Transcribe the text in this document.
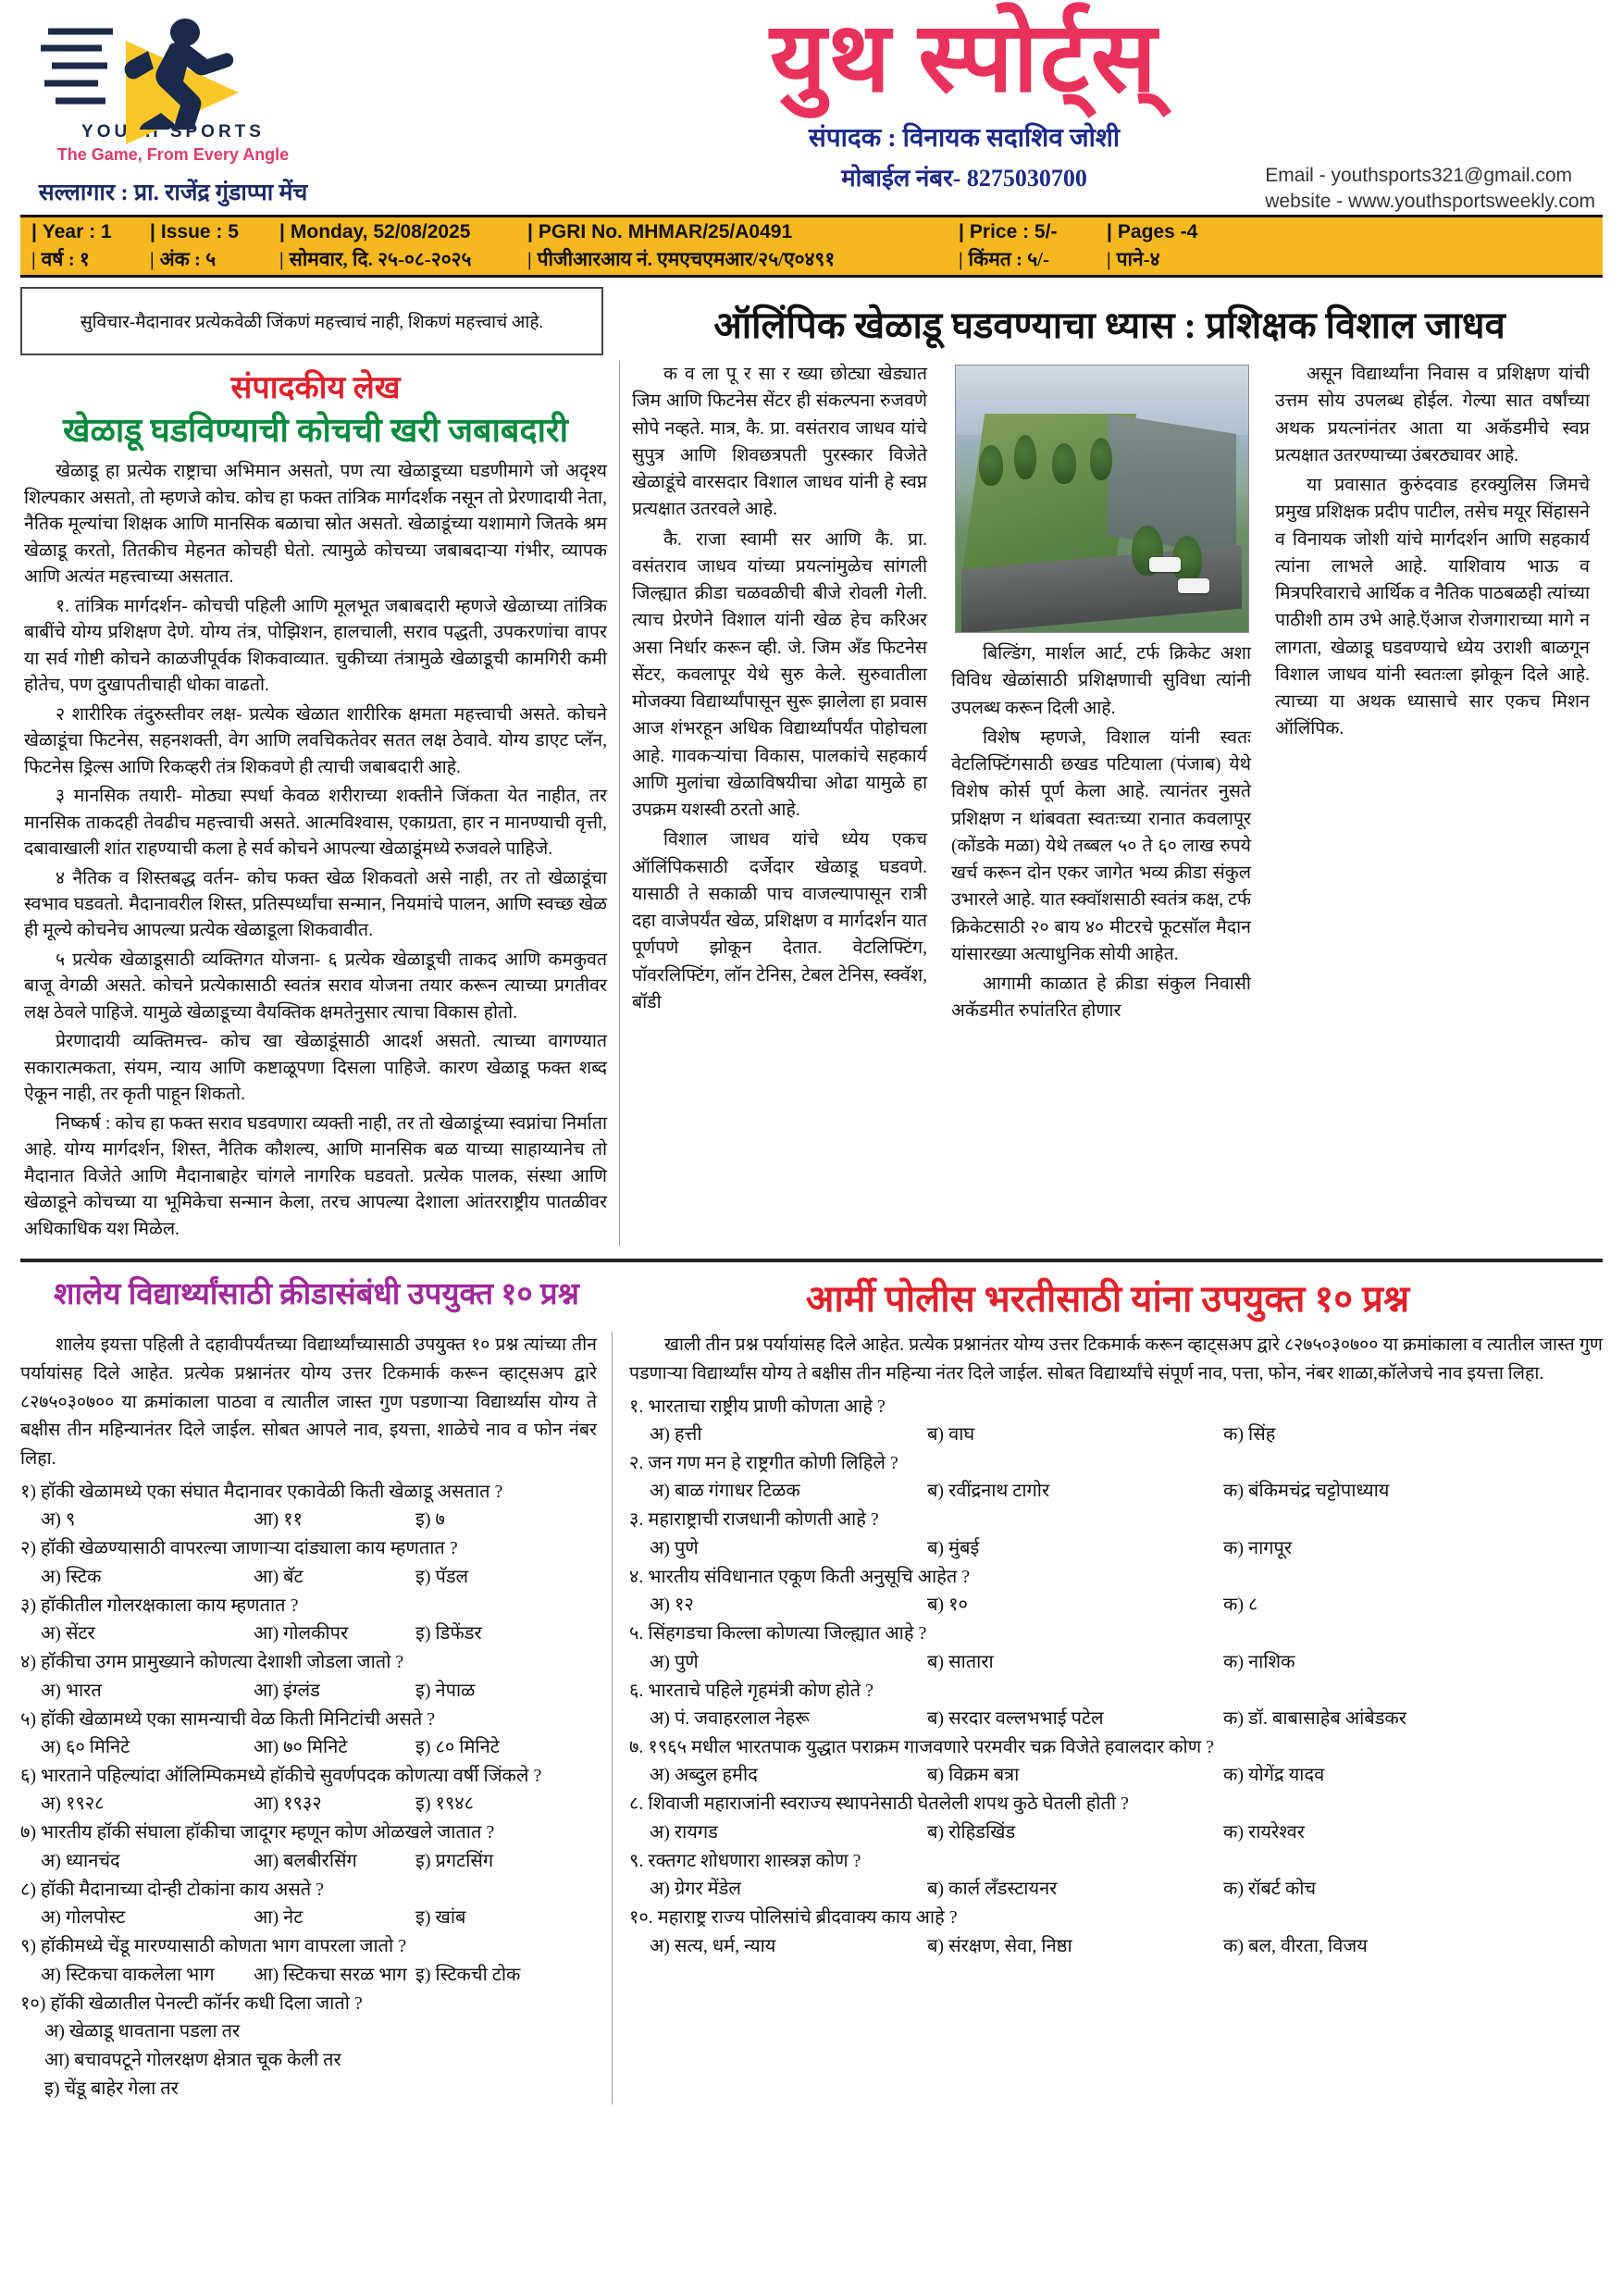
YOUTH SPORTS
The Game, From Every Angle
सल्लागार : प्रा. राजेंद्र गुंडाप्पा मेंच
युथ स्पोर्ट्स्
संपादक : विनायक सदाशिव जोशी
मोबाईल नंबर- 8275030700	Email - youthsports321@gmail.com
website - www.youthsportsweekly.com
| Year : 1
| वर्ष : १
| Issue : 5
| अंक : ५
| Monday, 52/08/2025
| सोमवार, दि. २५-०८-२०२५
| PGRI No. MHMAR/25/A0491
| पीजीआरआय नं. एमएचएमआर/२५/ए०४९१
| Price : 5/-
| किंमत : ५/-
| Pages -4
| पाने-४
सुविचार-मैदानावर प्रत्येकवेळी जिंकणं महत्त्वाचं नाही, शिकणं महत्त्वाचं आहे.	ऑलिंपिक खेळाडू घडवण्याचा ध्यास : प्रशिक्षक विशाल जाधव
संपादकीय लेख
खेळाडू घडविण्याची कोचची खरी जबाबदारी

खेळाडू हा प्रत्येक राष्ट्राचा अभिमान असतो, पण त्या खेळाडूच्या घडणीमागे जो अदृश्य शिल्पकार असतो, तो म्हणजे कोच. कोच हा फक्त तांत्रिक मार्गदर्शक नसून तो प्रेरणादायी नेता, नैतिक मूल्यांचा शिक्षक आणि मानसिक बळाचा स्रोत असतो. खेळाडूंच्या यशामागे जितके श्रम खेळाडू करतो, तितकीच मेहनत कोचही घेतो. त्यामुळे कोचच्या जबाबदाऱ्या गंभीर, व्यापक आणि अत्यंत महत्त्वाच्या असतात.

१. तांत्रिक मार्गदर्शन- कोचची पहिली आणि मूलभूत जबाबदारी म्हणजे खेळाच्या तांत्रिक बाबींचे योग्य प्रशिक्षण देणे. योग्य तंत्र, पोझिशन, हालचाली, सराव पद्धती, उपकरणांचा वापर या सर्व गोष्टी कोचने काळजीपूर्वक शिकवाव्यात. चुकीच्या तंत्रामुळे खेळाडूची कामगिरी कमी होतेच, पण दुखापतीचाही धोका वाढतो.

२ शारीरिक तंदुरुस्तीवर लक्ष- प्रत्येक खेळात शारीरिक क्षमता महत्त्वाची असते. कोचने खेळाडूंचा फिटनेस, सहनशक्ती, वेग आणि लवचिकतेवर सतत लक्ष ठेवावे. योग्य डाएट प्लॅन, फिटनेस ड्रिल्स आणि रिकव्हरी तंत्र शिकवणे ही त्याची जबाबदारी आहे.

३ मानसिक तयारी- मोठ्या स्पर्धा केवळ शरीराच्या शक्तीने जिंकता येत नाहीत, तर मानसिक ताकदही तेवढीच महत्त्वाची असते. आत्मविश्वास, एकाग्रता, हार न मानण्याची वृत्ती, दबावाखाली शांत राहण्याची कला हे सर्व कोचने आपल्या खेळाडूंमध्ये रुजवले पाहिजे.

४ नैतिक व शिस्तबद्ध वर्तन- कोच फक्त खेळ शिकवतो असे नाही, तर तो खेळाडूंचा स्वभाव घडवतो. मैदानावरील शिस्त, प्रतिस्पर्ध्यांचा सन्मान, नियमांचे पालन, आणि स्वच्छ खेळ ही मूल्ये कोचनेच आपल्या प्रत्येक खेळाडूला शिकवावीत.

५ प्रत्येक खेळाडूसाठी व्यक्तिगत योजना- ६ प्रत्येक खेळाडूची ताकद आणि कमकुवत बाजू वेगळी असते. कोचने प्रत्येकासाठी स्वतंत्र सराव योजना तयार करून त्याच्या प्रगतीवर लक्ष ठेवले पाहिजे. यामुळे खेळाडूच्या वैयक्तिक क्षमतेनुसार त्याचा विकास होतो.

प्रेरणादायी व्यक्तिमत्त्व- कोच खा खेळाडूंसाठी आदर्श असतो. त्याच्या वागण्यात सकारात्मकता, संयम, न्याय आणि कष्टाळूपणा दिसला पाहिजे. कारण खेळाडू फक्त शब्द ऐकून नाही, तर कृती पाहून शिकतो.

निष्कर्ष : कोच हा फक्त सराव घडवणारा व्यक्ती नाही, तर तो खेळाडूंच्या स्वप्नांचा निर्माता आहे. योग्य मार्गदर्शन, शिस्त, नैतिक कौशल्य, आणि मानसिक बळ याच्या साहाय्यानेच तो मैदानात विजेते आणि मैदानाबाहेर चांगले नागरिक घडवतो. प्रत्येक पालक, संस्था आणि खेळाडूने कोचच्या या भूमिकेचा सन्मान केला, तरच आपल्या देशाला आंतरराष्ट्रीय पातळीवर अधिकाधिक यश मिळेल.

क व ला पू र सा र ख्या छोट्या खेड्यात जिम आणि फिटनेस सेंटर ही संकल्पना रुजवणे सोपे नव्हते. मात्र, कै. प्रा. वसंतराव जाधव यांचे सुपुत्र आणि शिवछत्रपती पुरस्कार विजेते खेळाडूंचे वारसदार विशाल जाधव यांनी हे स्वप्न प्रत्यक्षात उतरवले आहे.

कै. राजा स्वामी सर आणि कै. प्रा. वसंतराव जाधव यांच्या प्रयत्नांमुळेच सांगली जिल्ह्यात क्रीडा चळवळीची बीजे रोवली गेली. त्याच प्रेरणेने विशाल यांनी खेळ हेच करिअर असा निर्धार करून व्ही. जे. जिम अँड फिटनेस सेंटर, कवलापूर येथे सुरु केले. सुरुवातीला मोजक्या विद्यार्थ्यांपासून सुरू झालेला हा प्रवास आज शंभरहून अधिक विद्यार्थ्यांपर्यंत पोहोचला आहे. गावकऱ्यांचा विकास, पालकांचे सहकार्य आणि मुलांचा खेळाविषयीचा ओढा यामुळे हा उपक्रम यशस्वी ठरतो आहे.

विशाल जाधव यांचे ध्येय एकच ऑलिंपिकसाठी दर्जेदार खेळाडू घडवणे. यासाठी ते सकाळी पाच वाजल्यापासून रात्री दहा वाजेपर्यंत खेळ, प्रशिक्षण व मार्गदर्शन यात पूर्णपणे झोकून देतात. वेटलिफ्टिंग, पॉवरलिफ्टिंग, लॉन टेनिस, टेबल टेनिस, स्क्वॅश, बॉडी

बिल्डिंग, मार्शल आर्ट, टर्फ क्रिकेट अशा विविध खेळांसाठी प्रशिक्षणाची सुविधा त्यांनी उपलब्ध करून दिली आहे.

विशेष म्हणजे, विशाल यांनी स्वतः वेटलिफ्टिंगसाठी छखड पटियाला (पंजाब) येथे विशेष कोर्स पूर्ण केला आहे. त्यानंतर नुसते प्रशिक्षण न थांबवता स्वतःच्या रानात कवलापूर (कोंडके मळा) येथे तब्बल ५० ते ६० लाख रुपये खर्च करून दोन एकर जागेत भव्य क्रीडा संकुल उभारले आहे. यात स्क्वॉशसाठी स्वतंत्र कक्ष, टर्फ क्रिकेटसाठी २० बाय ४० मीटरचे फूटसॉल मैदान यांसारख्या अत्याधुनिक सोयी आहेत.

आगामी काळात हे क्रीडा संकुल निवासी अकॅडमीत रुपांतरित होणार

असून विद्यार्थ्यांना निवास व प्रशिक्षण यांची उत्तम सोय उपलब्ध होईल. गेल्या सात वर्षांच्या अथक प्रयत्नांनंतर आता या अकॅडमीचे स्वप्न प्रत्यक्षात उतरण्याच्या उंबरठ्यावर आहे.

या प्रवासात कुरुंदवाड हरक्युलिस जिमचे प्रमुख प्रशिक्षक प्रदीप पाटील, तसेच मयूर सिंहासने व विनायक जोशी यांचे मार्गदर्शन आणि सहकार्य त्यांना लाभले आहे. याशिवाय भाऊ व मित्रपरिवाराचे आर्थिक व नैतिक पाठबळही त्यांच्या पाठीशी ठाम उभे आहे.ऍआज रोजगाराच्या मागे न लागता, खेळाडू घडवण्याचे ध्येय उराशी बाळगून विशाल जाधव यांनी स्वतःला झोकून दिले आहे. त्याच्या या अथक ध्यासाचे सार एकच मिशन ऑलिंपिक.

शालेय विद्यार्थ्यांसाठी क्रीडासंबंधी उपयुक्त १० प्रश्न	आर्मी पोलीस भरतीसाठी यांना उपयुक्त १० प्रश्न

शालेय इयत्ता पहिली ते दहावीपर्यंतच्या विद्यार्थ्यांच्यासाठी उपयुक्त १० प्रश्न त्यांच्या तीन पर्यायांसह दिले आहेत. प्रत्येक प्रश्नानंतर योग्य उत्तर टिकमार्क करून व्हाट्सअप द्वारे ८२७५०३०७०० या क्रमांकाला पाठवा व त्यातील जास्त गुण पडणाऱ्या विद्यार्थ्यास योग्य ते बक्षीस तीन महिन्यानंतर दिले जाईल. सोबत आपले नाव, इयत्ता, शाळेचे नाव व फोन नंबर लिहा.

१) हॉकी खेळामध्ये एका संघात मैदानावर एकावेळी किती खेळाडू असतात ?
अ) ९	आ) ११	इ) ७
२) हॉकी खेळण्यासाठी वापरल्या जाणाऱ्या दांड्याला काय म्हणतात ?
अ) स्टिक	आ) बॅट	इ) पॅडल
३) हॉकीतील गोलरक्षकाला काय म्हणतात ?
अ) सेंटर	आ) गोलकीपर	इ) डिफेंडर
४) हॉकीचा उगम प्रामुख्याने कोणत्या देशाशी जोडला जातो ?
अ) भारत	आ) इंग्लंड	इ) नेपाळ
५) हॉकी खेळामध्ये एका सामन्याची वेळ किती मिनिटांची असते ?
अ) ६० मिनिटे	आ) ७० मिनिटे	इ) ८० मिनिटे
६) भारताने पहिल्यांदा ऑलिम्पिकमध्ये हॉकीचे सुवर्णपदक कोणत्या वर्षी जिंकले ?
अ) १९२८	आ) १९३२	इ) १९४८
७) भारतीय हॉकी संघाला हॉकीचा जादूगर म्हणून कोण ओळखले जातात ?
अ) ध्यानचंद	आ) बलबीरसिंग	इ) प्रगटसिंग
८) हॉकी मैदानाच्या दोन्ही टोकांना काय असते ?
अ) गोलपोस्ट	आ) नेट	इ) खांब
९) हॉकीमध्ये चेंडू मारण्यासाठी कोणता भाग वापरला जातो ?
अ) स्टिकचा वाकलेला भाग	आ) स्टिकचा सरळ भाग इ) स्टिकची टोक
१०) हॉकी खेळातील पेनल्टी कॉर्नर कधी दिला जातो ?
अ) खेळाडू धावताना पडला तर
आ) बचावपटूने गोलरक्षण क्षेत्रात चूक केली तर
इ) चेंडू बाहेर गेला तर

खाली तीन प्रश्न पर्यायांसह दिले आहेत. प्रत्येक प्रश्नानंतर योग्य उत्तर टिकमार्क करून व्हाट्सअप द्वारे ८२७५०३०७०० या क्रमांकाला व त्यातील जास्त गुण पडणाऱ्या विद्यार्थ्यांस योग्य ते बक्षीस तीन महिन्या नंतर दिले जाईल. सोबत विद्यार्थ्यांचे संपूर्ण नाव, पत्ता, फोन, नंबर शाळा,कॉलेजचे नाव इयत्ता लिहा.

१. भारताचा राष्ट्रीय प्राणी कोणता आहे ?
अ) हत्ती	ब) वाघ	क) सिंह
२. जन गण मन हे राष्ट्रगीत कोणी लिहिले ?
अ) बाळ गंगाधर टिळक	ब) रवींद्रनाथ टागोर	क) बंकिमचंद्र चट्टोपाध्याय
३. महाराष्ट्राची राजधानी कोणती आहे ?
अ) पुणे	ब) मुंबई	क) नागपूर
४. भारतीय संविधानात एकूण किती अनुसूचि आहेत ?
अ) १२	ब) १०	क) ८
५. सिंहगडचा किल्ला कोणत्या जिल्ह्यात आहे ?
अ) पुणे	ब) सातारा	क) नाशिक
६. भारताचे पहिले गृहमंत्री कोण होते ?
अ) पं. जवाहरलाल नेहरू	ब) सरदार वल्लभभाई पटेल	क) डॉ. बाबासाहेब आंबेडकर
७. १९६५ मधील भारतपाक युद्धात पराक्रम गाजवणारे परमवीर चक्र विजेते हवालदार कोण ?
अ) अब्दुल हमीद	ब) विक्रम बत्रा	क) योगेंद्र यादव
८. शिवाजी महाराजांनी स्वराज्य स्थापनेसाठी घेतलेली शपथ कुठे घेतली होती ?
अ) रायगड	ब) रोहिडखिंड	क) रायरेश्वर
९. रक्तगट शोधणारा शास्त्रज्ञ कोण ?
अ) ग्रेगर मेंडेल	ब) कार्ल लँडस्टायनर	क) रॉबर्ट कोच
१०. महाराष्ट्र राज्य पोलिसांचे ब्रीदवाक्य काय आहे ?
अ) सत्य, धर्म, न्याय	ब) संरक्षण, सेवा, निष्ठा	क) बल, वीरता, विजय
